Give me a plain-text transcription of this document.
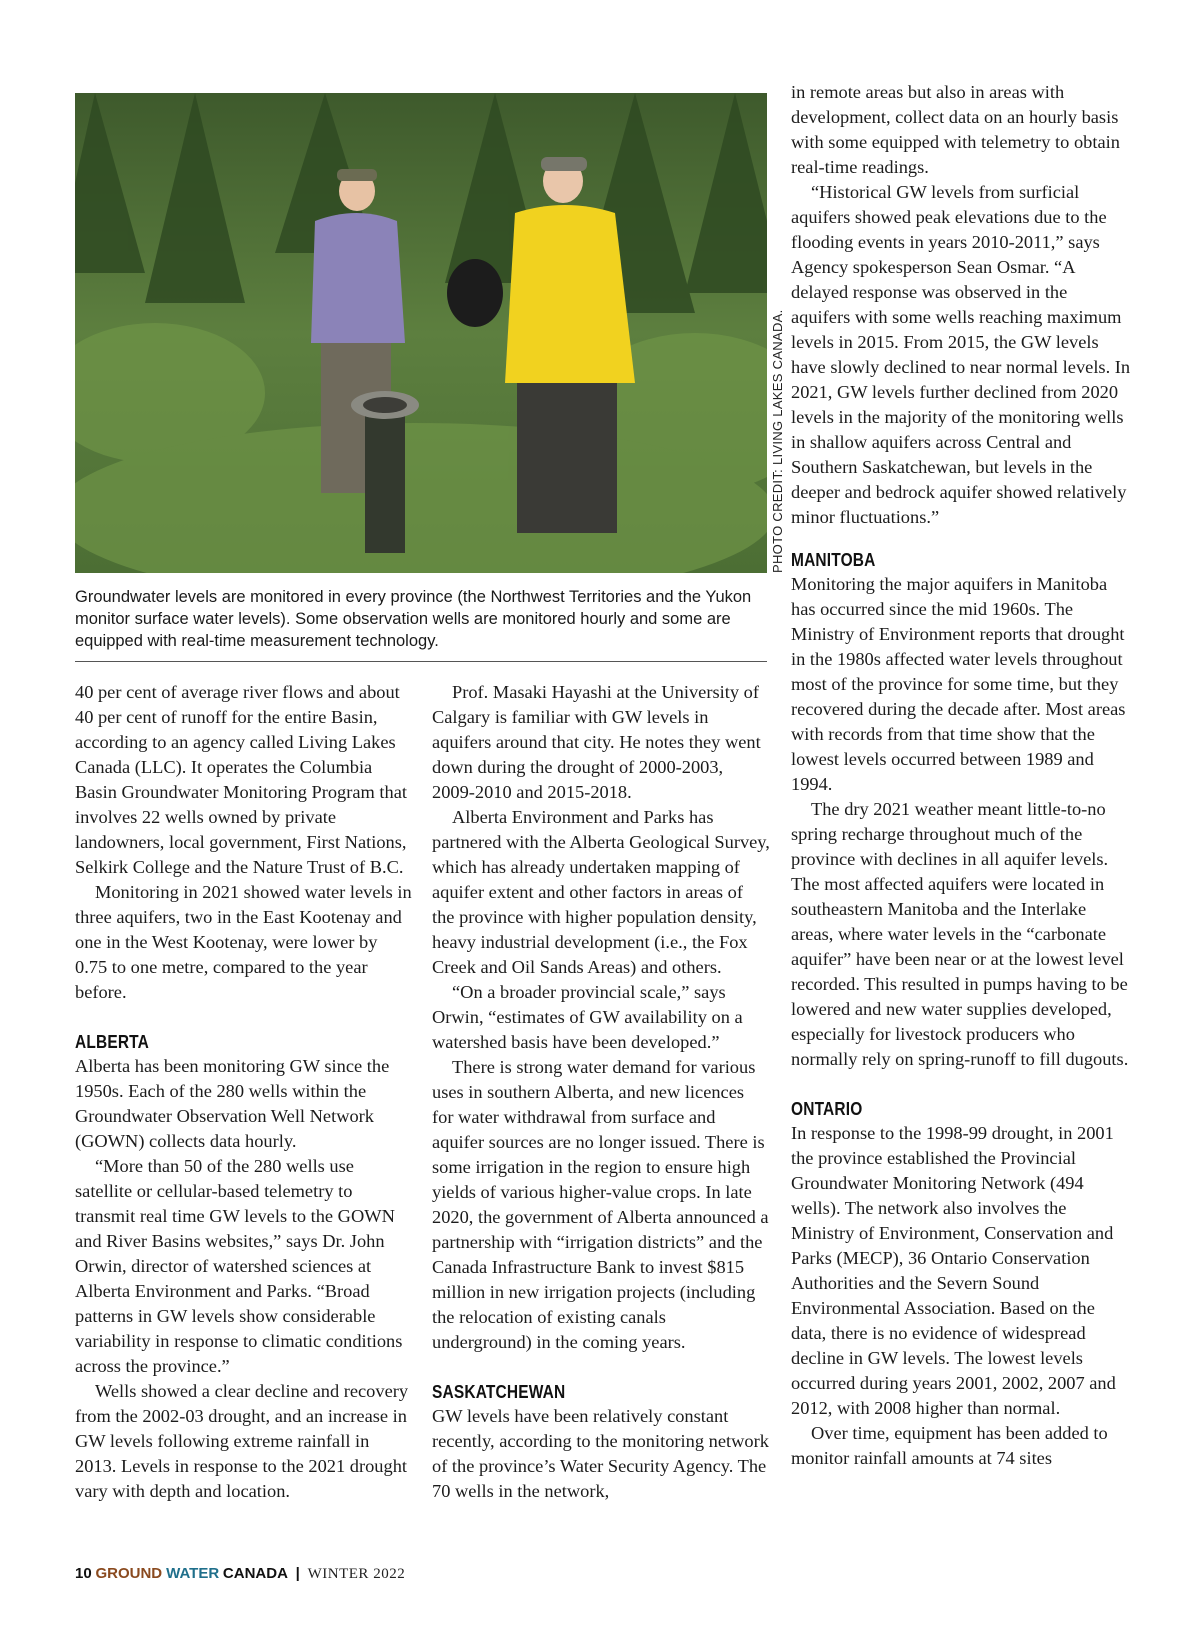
PHOTO CREDIT: LIVING LAKES CANADA.
Groundwater levels are monitored in every province (the Northwest Territories and the Yukon monitor surface water levels). Some observation wells are monitored hourly and some are equipped with real-time measurement technology.

40 per cent of average river flows and about 40 per cent of runoff for the entire Basin, according to an agency called Living Lakes Canada (LLC). It operates the Columbia Basin Groundwater Monitoring Program that involves 22 wells owned by private landowners, local government, First Nations, Selkirk College and the Nature Trust of B.C.

Monitoring in 2021 showed water levels in three aquifers, two in the East Kootenay and one in the West Kootenay, were lower by 0.75 to one metre, compared to the year before.

ALBERTA

Alberta has been monitoring GW since the 1950s. Each of the 280 wells within the Groundwater Observation Well Network (GOWN) collects data hourly.

“More than 50 of the 280 wells use satellite or cellular-based telemetry to transmit real time GW levels to the GOWN and River Basins websites,” says Dr. John Orwin, director of watershed sciences at Alberta Environment and Parks. “Broad patterns in GW levels show considerable variability in response to climatic conditions across the province.”

Wells showed a clear decline and recovery from the 2002-03 drought, and an increase in GW levels following extreme rainfall in 2013. Levels in response to the 2021 drought vary with depth and location.

Prof. Masaki Hayashi at the University of Calgary is familiar with GW levels in aquifers around that city. He notes they went down during the drought of 2000-2003, 2009-2010 and 2015-2018.

Alberta Environment and Parks has partnered with the Alberta Geological Survey, which has already undertaken mapping of aquifer extent and other factors in areas of the province with higher population density, heavy industrial development (i.e., the Fox Creek and Oil Sands Areas) and others.

“On a broader provincial scale,” says Orwin, “estimates of GW availability on a watershed basis have been developed.”

There is strong water demand for various uses in southern Alberta, and new licences for water withdrawal from surface and aquifer sources are no longer issued. There is some irrigation in the region to ensure high yields of various higher-value crops. In late 2020, the government of Alberta announced a partnership with “irrigation districts” and the Canada Infrastructure Bank to invest $815 million in new irrigation projects (including the relocation of existing canals underground) in the coming years.

SASKATCHEWAN

GW levels have been relatively constant recently, according to the monitoring network of the province’s Water Security Agency. The 70 wells in the network,

in remote areas but also in areas with development, collect data on an hourly basis with some equipped with telemetry to obtain real-time readings.

“Historical GW levels from surficial aquifers showed peak elevations due to the flooding events in years 2010-2011,” says Agency spokesperson Sean Osmar. “A delayed response was observed in the aquifers with some wells reaching maximum levels in 2015. From 2015, the GW levels have slowly declined to near normal levels. In 2021, GW levels further declined from 2020 levels in the majority of the monitoring wells in shallow aquifers across Central and Southern Saskatchewan, but levels in the deeper and bedrock aquifer showed relatively minor fluctuations.”

MANITOBA

Monitoring the major aquifers in Manitoba has occurred since the mid 1960s. The Ministry of Environment reports that drought in the 1980s affected water levels throughout most of the province for some time, but they recovered during the decade after. Most areas with records from that time show that the lowest levels occurred between 1989 and 1994.

The dry 2021 weather meant little-to-no spring recharge throughout much of the province with declines in all aquifer levels. The most affected aquifers were located in southeastern Manitoba and the Interlake areas, where water levels in the “carbonate aquifer” have been near or at the lowest level recorded. This resulted in pumps having to be lowered and new water supplies developed, especially for livestock producers who normally rely on spring-runoff to fill dugouts.

ONTARIO

In response to the 1998-99 drought, in 2001 the province established the Provincial Groundwater Monitoring Network (494 wells). The network also involves the Ministry of Environment, Conservation and Parks (MECP), 36 Ontario Conservation Authorities and the Severn Sound Environmental Association. Based on the data, there is no evidence of widespread decline in GW levels. The lowest levels occurred during years 2001, 2002, 2007 and 2012, with 2008 higher than normal.

Over time, equipment has been added to monitor rainfall amounts at 74 sites

10 GROUND WATER CANADA | WINTER 2022
